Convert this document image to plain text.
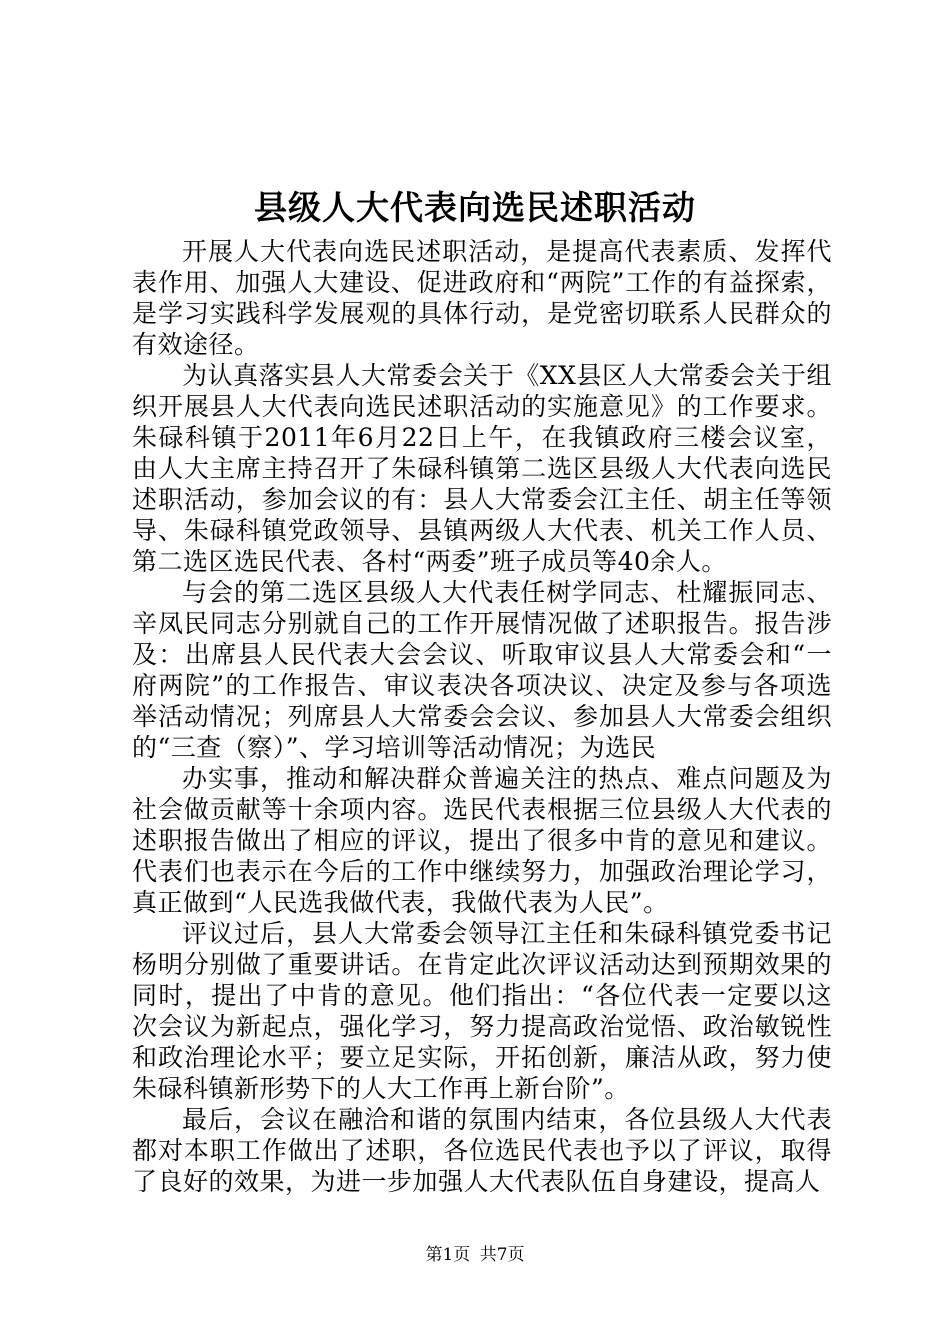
县级人大代表向选民述职活动

开展人大代表向选民述职活动，是提高代表素质、发挥代表作用、加强人大建设、促进政府和“两院”工作的有益探索，是学习实践科学发展观的具体行动，是党密切联系人民群众的有效途径。

为认真落实县人大常委会关于《XX县区人大常委会关于组织开展县人大代表向选民述职活动的实施意见》的工作要求。朱碌科镇于2011年6月22日上午，在我镇政府三楼会议室，由人大主席主持召开了朱碌科镇第二选区县级人大代表向选民述职活动，参加会议的有：县人大常委会江主任、胡主任等领导、朱碌科镇党政领导、县镇两级人大代表、机关工作人员、第二选区选民代表、各村“两委”班子成员等40余人。

与会的第二选区县级人大代表任树学同志、杜耀振同志、辛凤民同志分别就自己的工作开展情况做了述职报告。报告涉及：出席县人民代表大会会议、听取审议县人大常委会和“一府两院”的工作报告、审议表决各项决议、决定及参与各项选举活动情况；列席县人大常委会会议、参加县人大常委会组织的“三查（察）”、学习培训等活动情况；为选民

办实事，推动和解决群众普遍关注的热点、难点问题及为社会做贡献等十余项内容。选民代表根据三位县级人大代表的述职报告做出了相应的评议，提出了很多中肯的意见和建议。代表们也表示在今后的工作中继续努力，加强政治理论学习，真正做到“人民选我做代表，我做代表为人民”。

评议过后，县人大常委会领导江主任和朱碌科镇党委书记杨明分别做了重要讲话。在肯定此次评议活动达到预期效果的同时，提出了中肯的意见。他们指出：“各位代表一定要以这次会议为新起点，强化学习，努力提高政治觉悟、政治敏锐性和政治理论水平；要立足实际，开拓创新，廉洁从政，努力使朱碌科镇新形势下的人大工作再上新台阶”。

最后，会议在融洽和谐的氛围内结束，各位县级人大代表都对本职工作做出了述职，各位选民代表也予以了评议，取得了良好的效果，为进一步加强人大代表队伍自身建设，提高人

第1页 共7页
